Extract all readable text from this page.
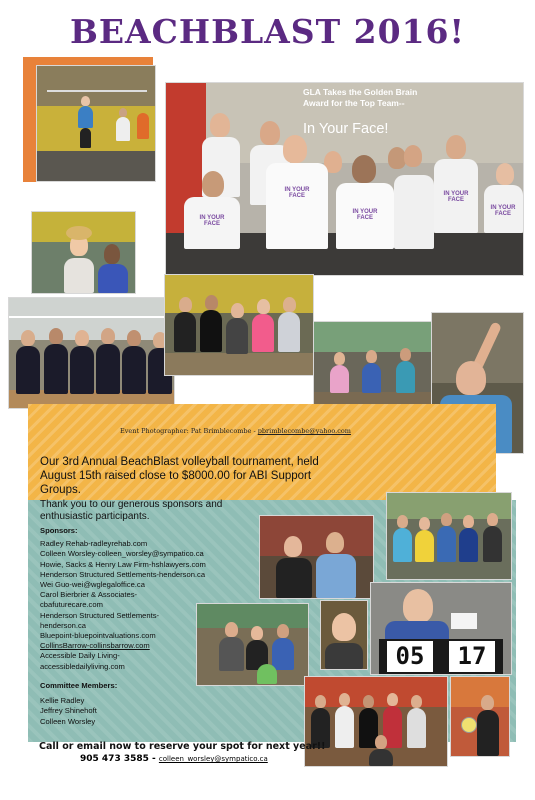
BEACHBLAST 2016!
GLA Takes the Golden Brain
Award for the Top Team--
In Your Face!
IN YOUR FACE
IN YOUR FACE
IN YOUR FACE
IN YOUR FACE
IN YOUR FACE
Event Photographer: Pat Brimblecombe - pbrimblecombe@yahoo.com
Our 3rd Annual BeachBlast volleyball tournament, held August 15th raised close to $8000.00 for ABI Support Groups.
Thank you to our generous sponsors and enthusiastic participants.
Sponsors:
Radley Rehab-radleyrehab.com
Colleen Worsley-colleen_worsley@sympatico.ca
Howie, Sacks & Henry Law Firm-hshlawyers.com
Henderson Structured Settlements-henderson.ca
Wei Guo-wei@wglegaloffice.ca
Carol Bierbrier & Associates-
cbafuturecare.com
Henderson Structured Settlements-
henderson.ca
Bluepoint-bluepointvaluations.com
CollinsBarrow-collinsbarrow.com
Accessible Daily Living-
accessibledailyliving.com
Committee Members:
Kellie Radley
Jeffrey Shinehoft
Colleen Worsley
05	17
Call or email now to reserve your spot for next year!!
905 473 3585 - colleen_worsley@sympatico.ca
